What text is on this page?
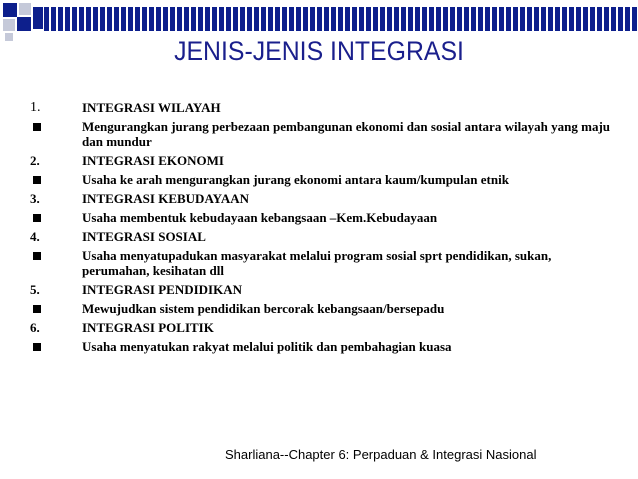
JENIS-JENIS INTEGRASI
1.	INTEGRASI WILAYAH
Mengurangkan jurang perbezaan pembangunan ekonomi dan sosial antara wilayah yang maju dan mundur
2.	INTEGRASI EKONOMI
Usaha ke arah mengurangkan jurang ekonomi antara kaum/kumpulan etnik
3.	INTEGRASI KEBUDAYAAN
Usaha membentuk kebudayaan kebangsaan –Kem.Kebudayaan
4.	INTEGRASI SOSIAL
Usaha menyatupadukan masyarakat melalui program sosial sprt pendidikan, sukan, perumahan, kesihatan dll
5.	INTEGRASI PENDIDIKAN
Mewujudkan sistem pendidikan bercorak kebangsaan/bersepadu
6.	INTEGRASI POLITIK
Usaha menyatukan rakyat melalui politik dan pembahagian kuasa
Sharliana--Chapter 6: Perpaduan & Integrasi Nasional
